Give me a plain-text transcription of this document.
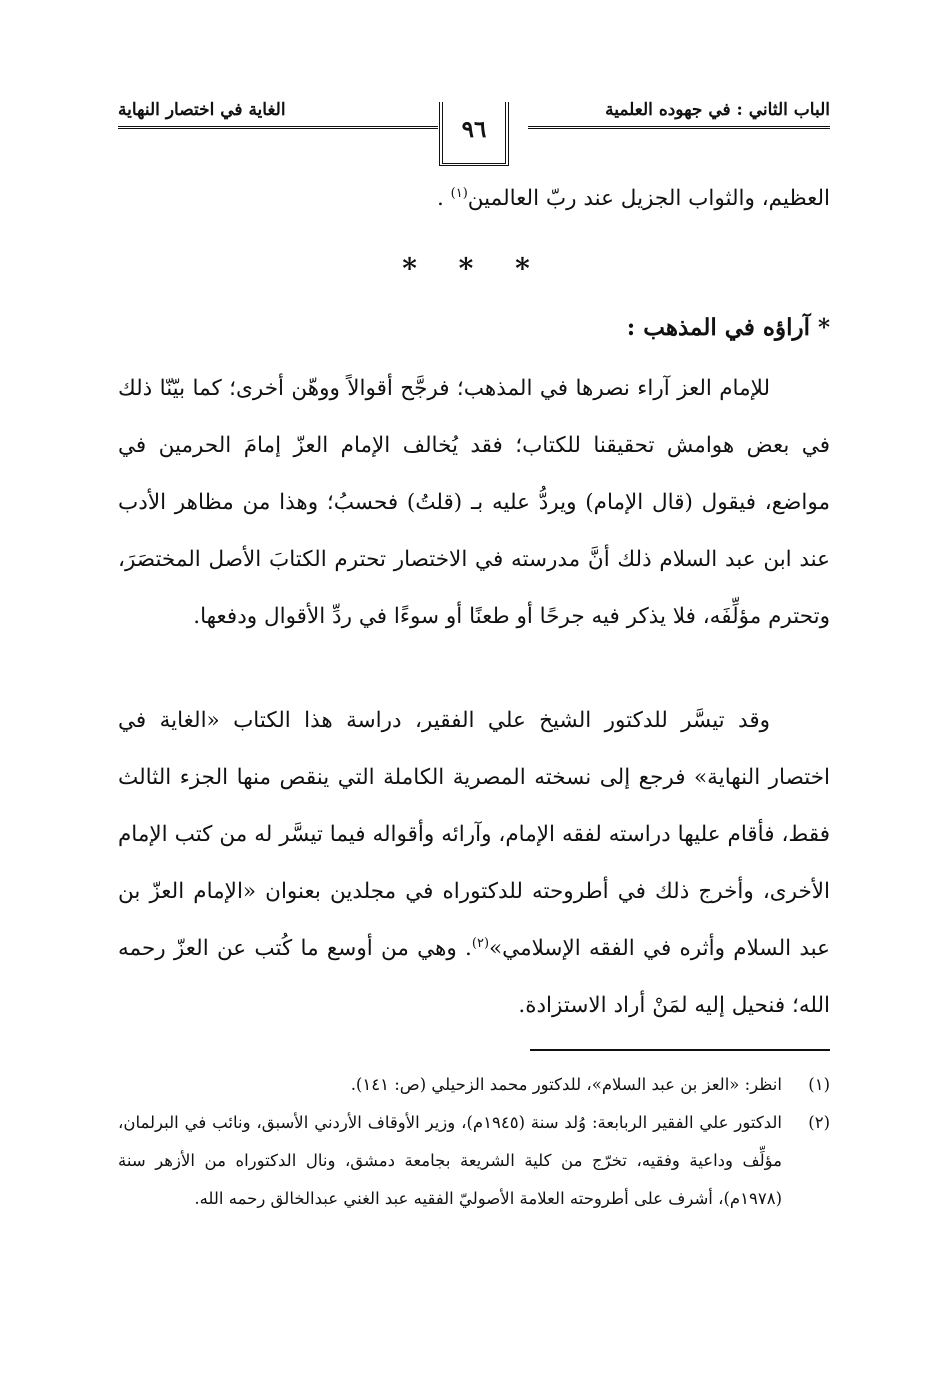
الباب الثاني : في جهوده العلمية
٩٦
الغاية في اختصار النهاية
العظيم، والثواب الجزيل عند ربّ العالمين$^{(١)}$ .
* * *
* آراؤه في المذهب :
للإمام العز آراء نصرها في المذهب؛ فرجَّح أقوالاً ووهّن أخرى؛ كما بيّنّا ذلك في بعض هوامش تحقيقنا للكتاب؛ فقد يُخالف الإمام العزّ إمامَ الحرمين في مواضع، فيقول (قال الإمام) ويردُّ عليه بـ (قلتُ) فحسبُ؛ وهذا من مظاهر الأدب عند ابن عبد السلام ذلك أنَّ مدرسته في الاختصار تحترم الكتابَ الأصل المختصَرَ، وتحترم مؤلِّفَه، فلا يذكر فيه جرحًا أو طعنًا أو سوءًا في ردِّ الأقوال ودفعها.
وقد تيسَّر للدكتور الشيخ علي الفقير، دراسة هذا الكتاب «الغاية في اختصار النهاية» فرجع إلى نسخته المصرية الكاملة التي ينقص منها الجزء الثالث فقط، فأقام عليها دراسته لفقه الإمام، وآرائه وأقواله فيما تيسَّر له من كتب الإمام الأخرى، وأخرج ذلك في أطروحته للدكتوراه في مجلدين بعنوان «الإمام العزّ بن عبد السلام وأثره في الفقه الإسلامي»$^{(٢)}$. وهي من أوسع ما كُتب عن العزّ رحمه الله؛ فنحيل إليه لمَنْ أراد الاستزادة.
(١)
انظر: «العز بن عبد السلام»، للدكتور محمد الزحيلي (ص: ١٤١).
(٢)
الدكتور علي الفقير الربابعة: وُلد سنة (١٩٤٥م)، وزير الأوقاف الأردني الأسبق، ونائب في البرلمان، مؤلِّف وداعية وفقيه، تخرّج من كلية الشريعة بجامعة دمشق، ونال الدكتوراه من الأزهر سنة (١٩٧٨م)، أشرف على أطروحته العلامة الأصوليّ الفقيه عبد الغني عبدالخالق رحمه الله.
